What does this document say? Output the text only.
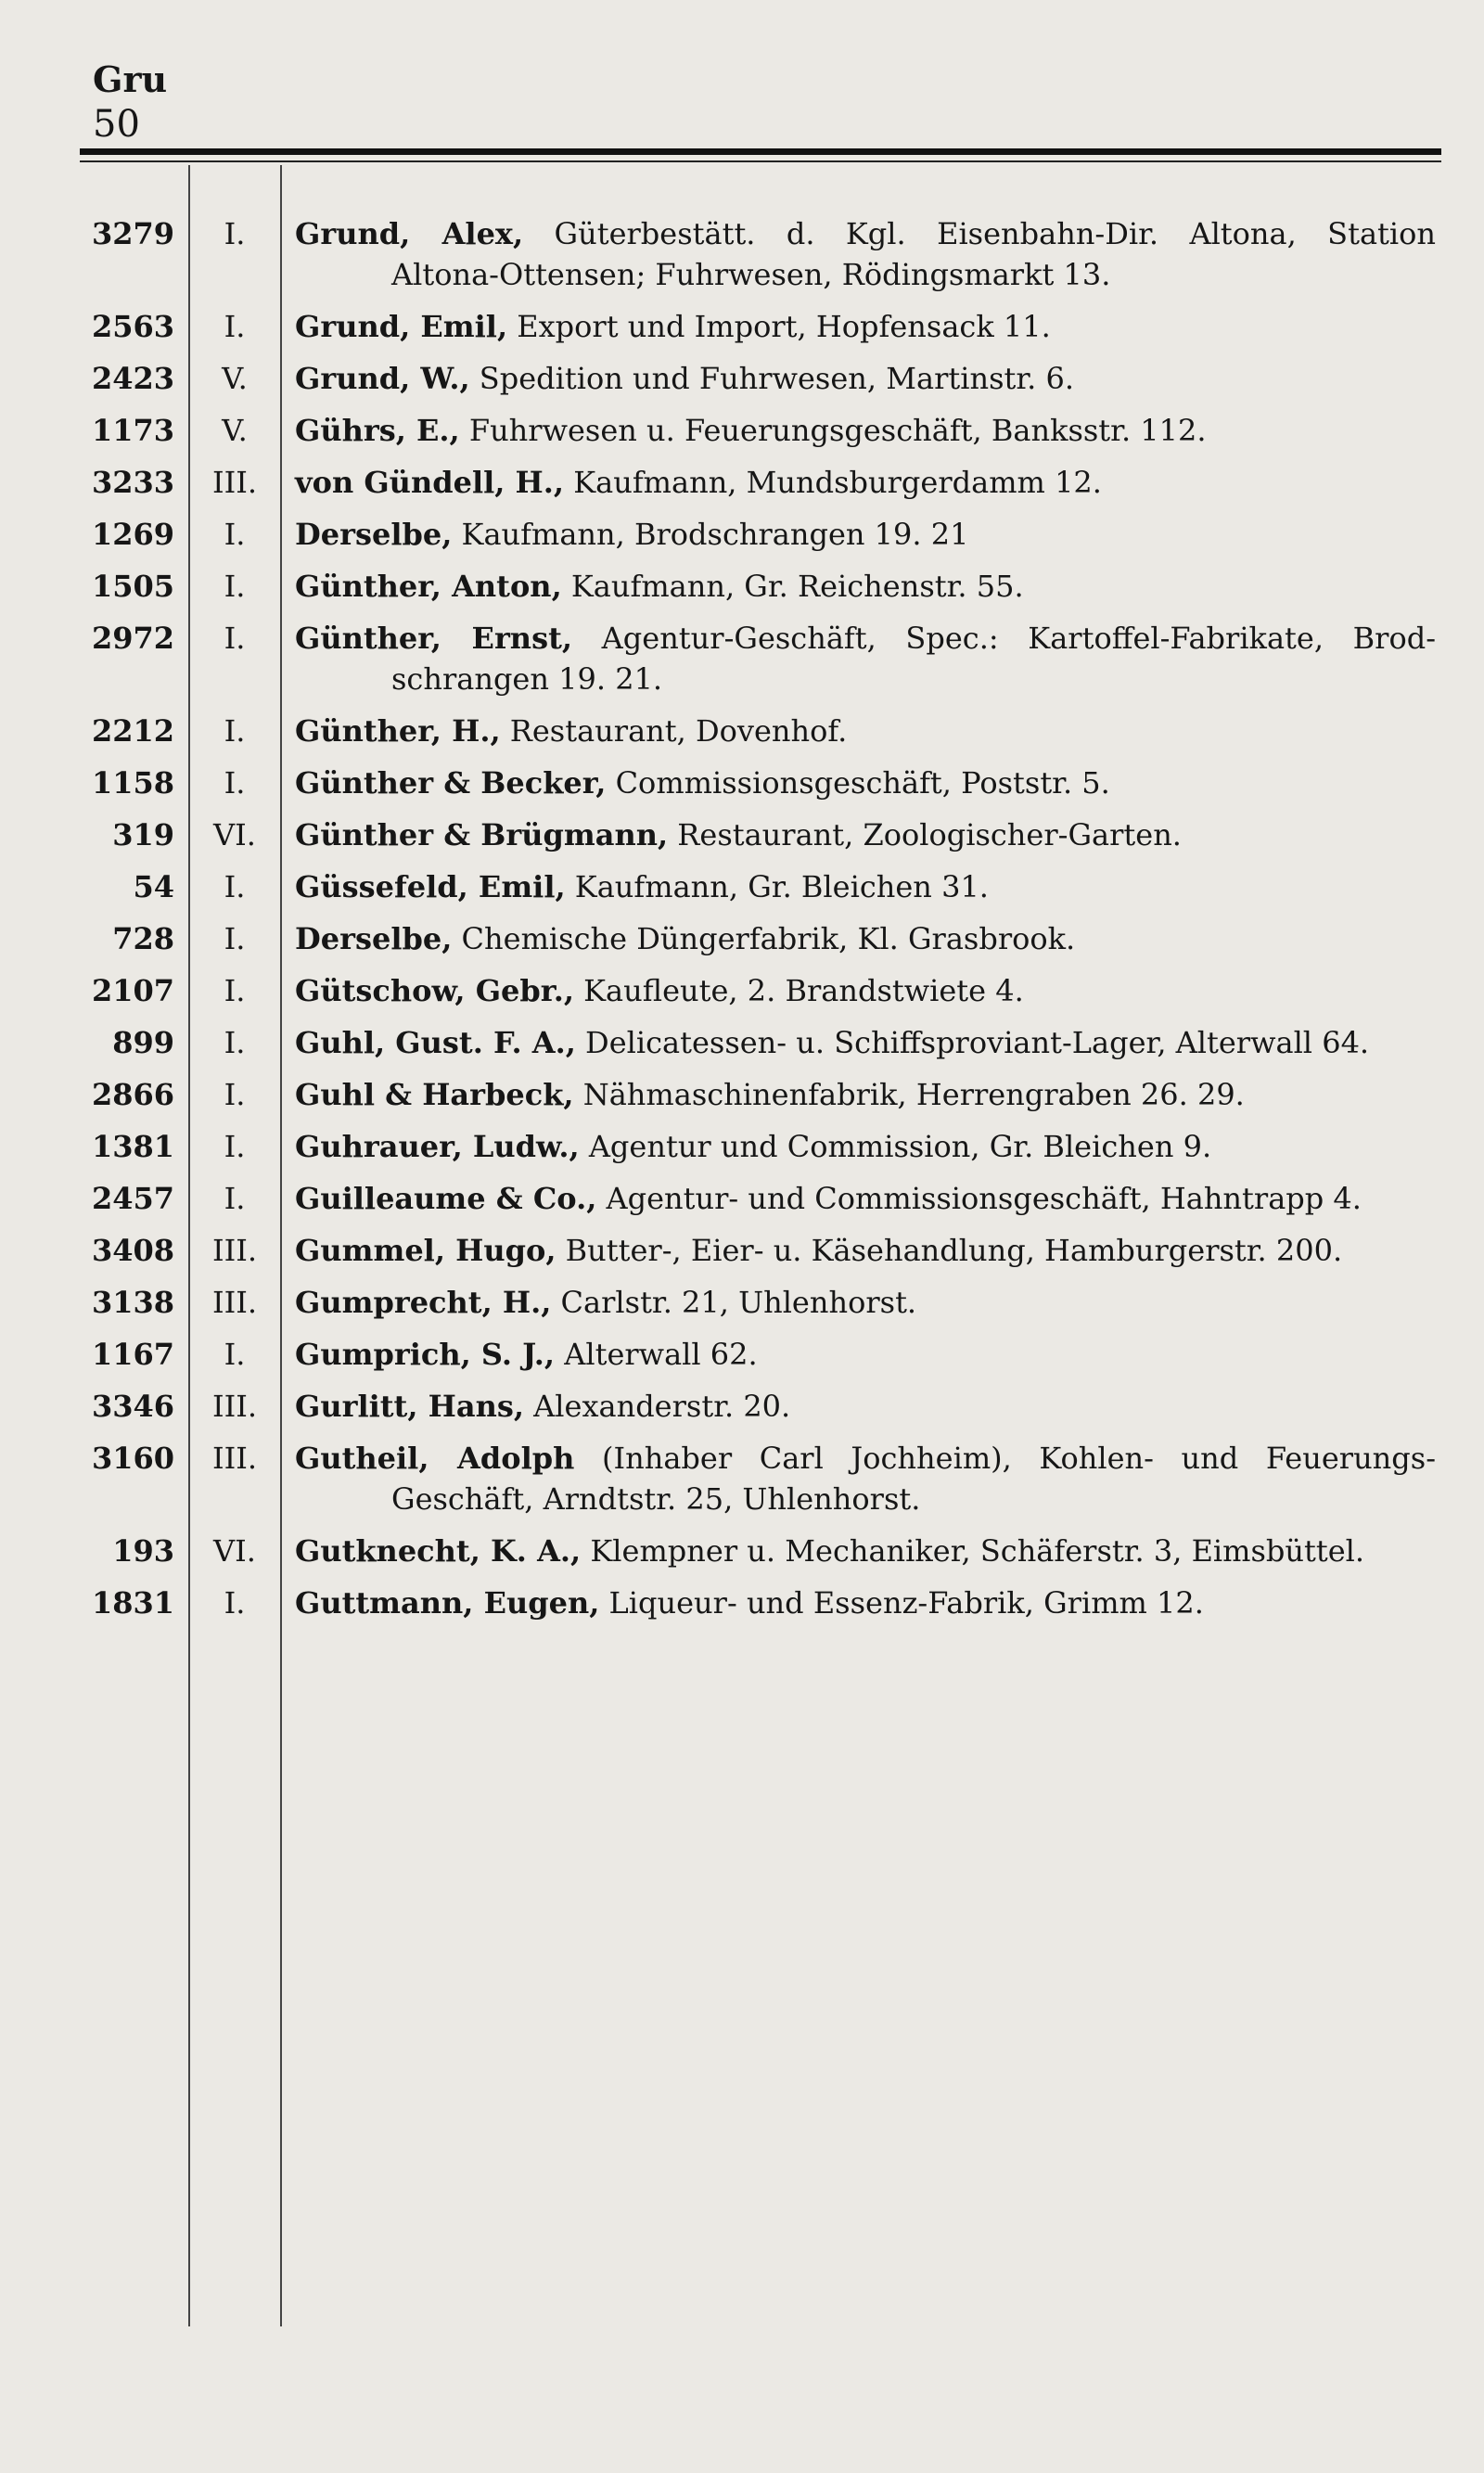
Gru
50
3279	I.	Grund, Alex, Güterbestätt. d. Kgl. Eisenbahn-Dir. Altona, Station
Altona-Ottensen; Fuhrwesen, Rödingsmarkt 13.
2563	I.	Grund, Emil, Export und Import, Hopfensack 11.
2423	V.	Grund, W., Spedition und Fuhrwesen, Martinstr. 6.
1173	V.	Gührs, E., Fuhrwesen u. Feuerungsgeschäft, Banksstr. 112.
3233	III.	von Gündell, H., Kaufmann, Mundsburgerdamm 12.
1269	I.	Derselbe, Kaufmann, Brodschrangen 19. 21
1505	I.	Günther, Anton, Kaufmann, Gr. Reichenstr. 55.
2972	I.	Günther, Ernst, Agentur-Geschäft, Spec.: Kartoffel-Fabrikate, Brod-
schrangen 19. 21.
2212	I.	Günther, H., Restaurant, Dovenhof.
1158	I.	Günther & Becker, Commissionsgeschäft, Poststr. 5.
319	VI.	Günther & Brügmann, Restaurant, Zoologischer-Garten.
54	I.	Güssefeld, Emil, Kaufmann, Gr. Bleichen 31.
728	I.	Derselbe, Chemische Düngerfabrik, Kl. Grasbrook.
2107	I.	Gütschow, Gebr., Kaufleute, 2. Brandstwiete 4.
899	I.	Guhl, Gust. F. A., Delicatessen- u. Schiffsproviant-Lager, Alterwall 64.
2866	I.	Guhl & Harbeck, Nähmaschinenfabrik, Herrengraben 26. 29.
1381	I.	Guhrauer, Ludw., Agentur und Commission, Gr. Bleichen 9.
2457	I.	Guilleaume & Co., Agentur- und Commissionsgeschäft, Hahntrapp 4.
3408	III.	Gummel, Hugo, Butter-, Eier- u. Käsehandlung, Hamburgerstr. 200.
3138	III.	Gumprecht, H., Carlstr. 21, Uhlenhorst.
1167	I.	Gumprich, S. J., Alterwall 62.
3346	III.	Gurlitt, Hans, Alexanderstr. 20.
3160	III.	Gutheil, Adolph (Inhaber Carl Jochheim), Kohlen- und Feuerungs-
Geschäft, Arndtstr. 25, Uhlenhorst.
193	VI.	Gutknecht, K. A., Klempner u. Mechaniker, Schäferstr. 3, Eimsbüttel.
1831	I.	Guttmann, Eugen, Liqueur- und Essenz-Fabrik, Grimm 12.
